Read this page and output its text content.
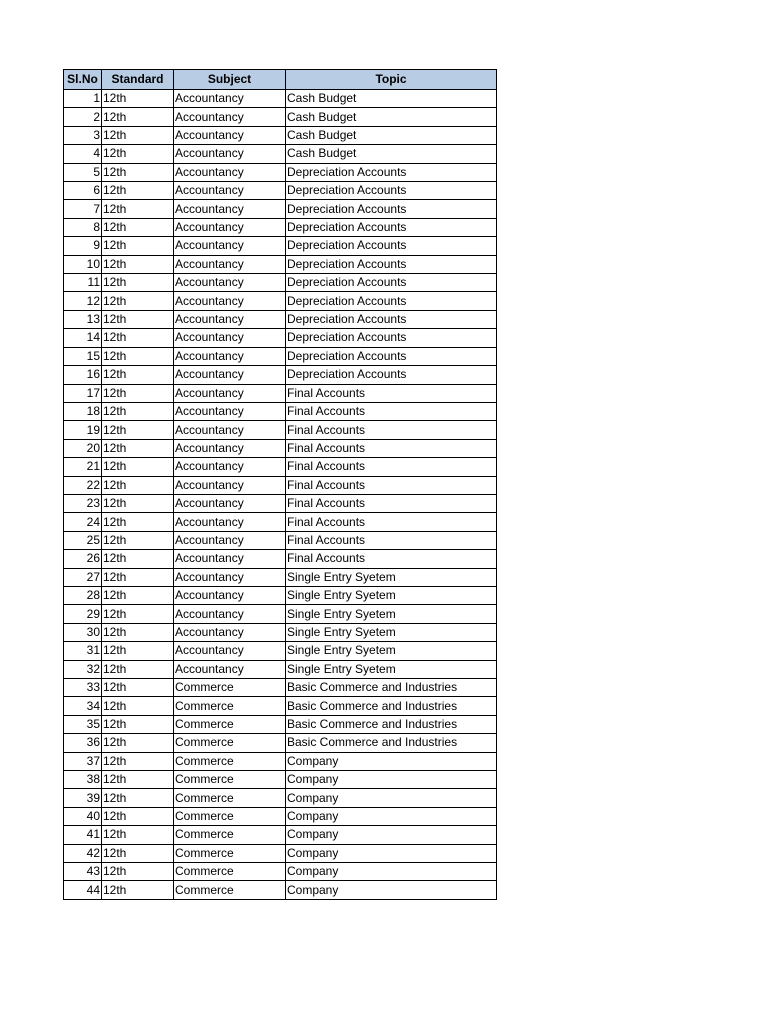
Sl.No	Standard	Subject	Topic
1	12th	Accountancy	Cash Budget
2	12th	Accountancy	Cash Budget
3	12th	Accountancy	Cash Budget
4	12th	Accountancy	Cash Budget
5	12th	Accountancy	Depreciation Accounts
6	12th	Accountancy	Depreciation Accounts
7	12th	Accountancy	Depreciation Accounts
8	12th	Accountancy	Depreciation Accounts
9	12th	Accountancy	Depreciation Accounts
10	12th	Accountancy	Depreciation Accounts
11	12th	Accountancy	Depreciation Accounts
12	12th	Accountancy	Depreciation Accounts
13	12th	Accountancy	Depreciation Accounts
14	12th	Accountancy	Depreciation Accounts
15	12th	Accountancy	Depreciation Accounts
16	12th	Accountancy	Depreciation Accounts
17	12th	Accountancy	Final Accounts
18	12th	Accountancy	Final Accounts
19	12th	Accountancy	Final Accounts
20	12th	Accountancy	Final Accounts
21	12th	Accountancy	Final Accounts
22	12th	Accountancy	Final Accounts
23	12th	Accountancy	Final Accounts
24	12th	Accountancy	Final Accounts
25	12th	Accountancy	Final Accounts
26	12th	Accountancy	Final Accounts
27	12th	Accountancy	Single Entry Syetem
28	12th	Accountancy	Single Entry Syetem
29	12th	Accountancy	Single Entry Syetem
30	12th	Accountancy	Single Entry Syetem
31	12th	Accountancy	Single Entry Syetem
32	12th	Accountancy	Single Entry Syetem
33	12th	Commerce	Basic Commerce and Industries
34	12th	Commerce	Basic Commerce and Industries
35	12th	Commerce	Basic Commerce and Industries
36	12th	Commerce	Basic Commerce and Industries
37	12th	Commerce	Company
38	12th	Commerce	Company
39	12th	Commerce	Company
40	12th	Commerce	Company
41	12th	Commerce	Company
42	12th	Commerce	Company
43	12th	Commerce	Company
44	12th	Commerce	Company
